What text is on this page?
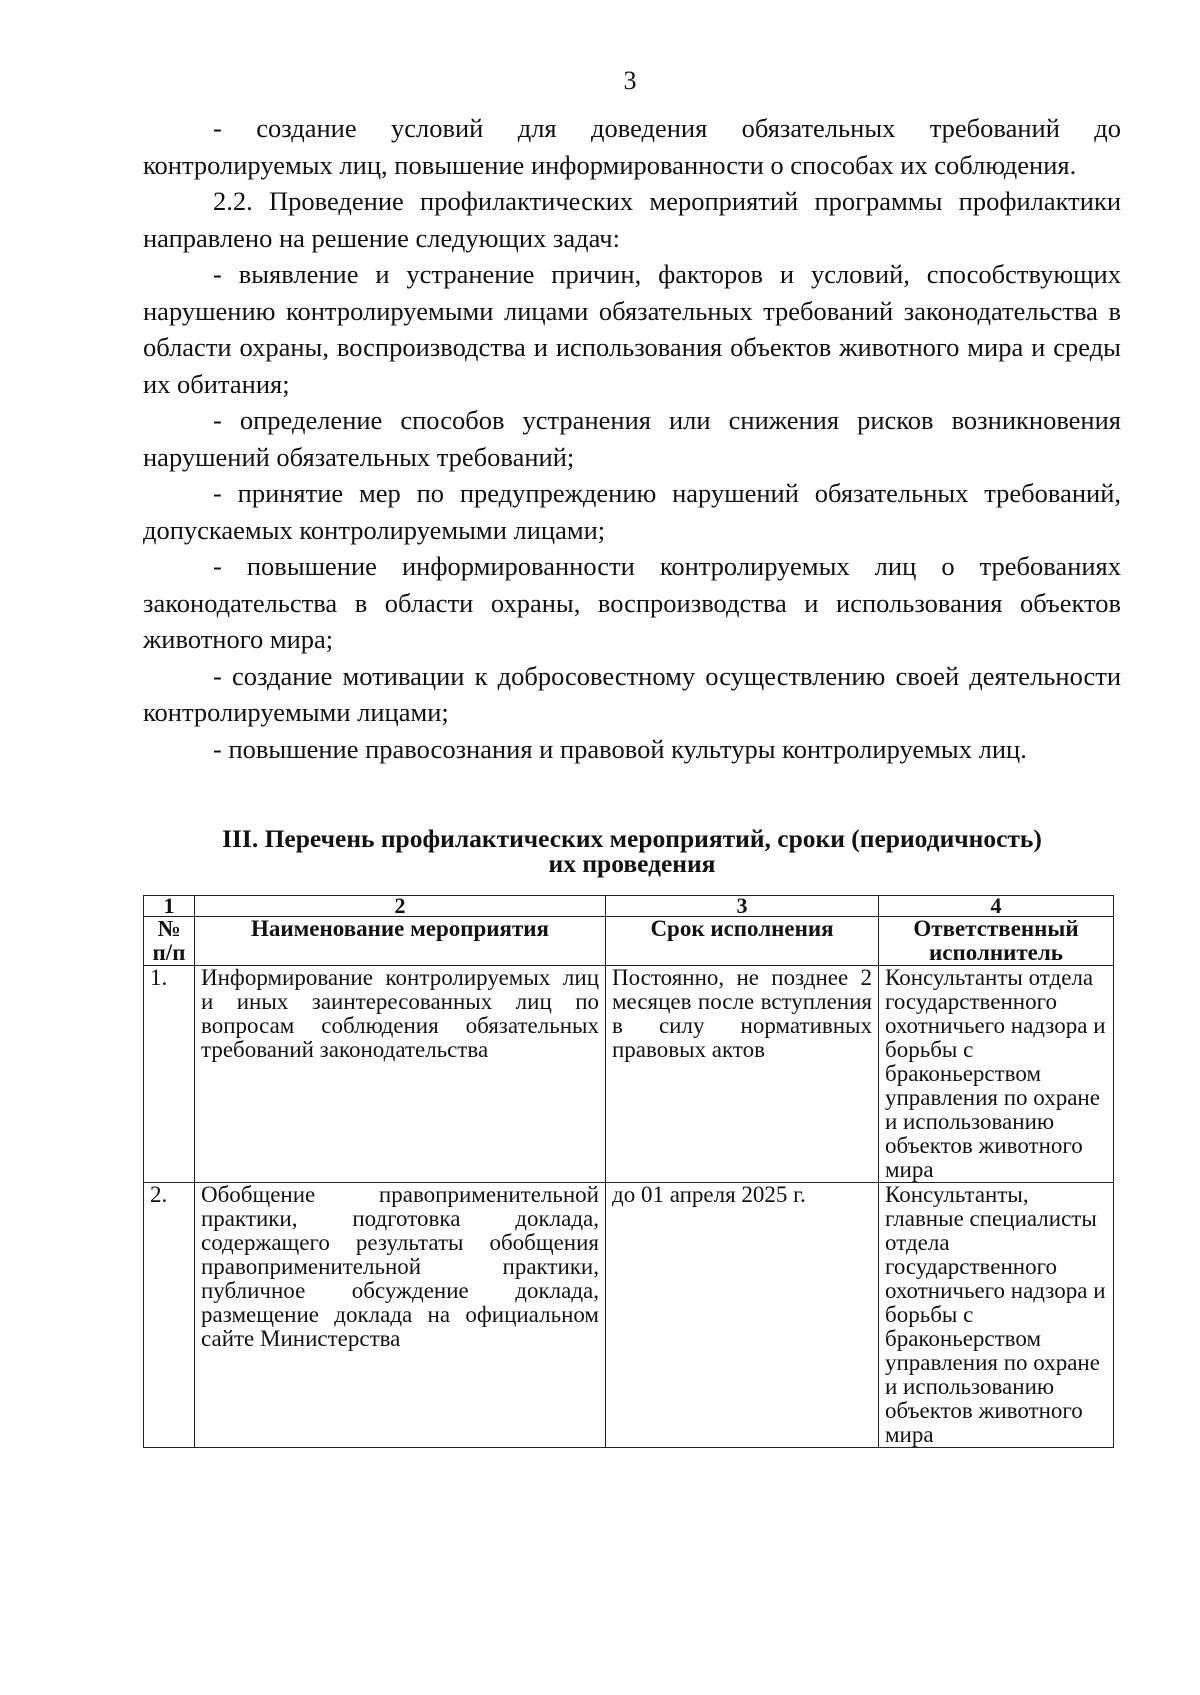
3

- создание условий для доведения обязательных требований до контролируемых лиц, повышение информированности о способах их соблюдения.

2.2. Проведение профилактических мероприятий программы профилактики направлено на решение следующих задач:

- выявление и устранение причин, факторов и условий, способствующих нарушению контролируемыми лицами обязательных требований законодательства в области охраны, воспроизводства и использования объектов животного мира и среды их обитания;

- определение способов устранения или снижения рисков возникновения нарушений обязательных требований;

- принятие мер по предупреждению нарушений обязательных требований, допускаемых контролируемыми лицами;

- повышение информированности контролируемых лиц о требованиях законодательства в области охраны, воспроизводства и использования объектов животного мира;

- создание мотивации к добросовестному осуществлению своей деятельности контролируемыми лицами;

- повышение правосознания и правовой культуры контролируемых лиц.

III. Перечень профилактических мероприятий, сроки (периодичность)
их проведения
1	2	3	4
№ п/п	Наименование мероприятия	Срок исполнения	Ответственный исполнитель
1.	Информирование контролируемых лиц и иных заинтересованных лиц по вопросам соблюдения обязательных требований законодательства	Постоянно, не позднее 2 месяцев после вступления в силу нормативных правовых актов	Консультанты отдела государственного охотничьего надзора и борьбы с браконьерством управления по охране и использованию объектов животного мира
2.	Обобщение правоприменительной практики, подготовка доклада, содержащего результаты обобщения правоприменительной практики, публичное обсуждение доклада, размещение доклада на официальном сайте Министерства	до 01 апреля 2025 г.	Консультанты, главные специалисты отдела государственного охотничьего надзора и борьбы с браконьерством управления по охране и использованию объектов животного мира
